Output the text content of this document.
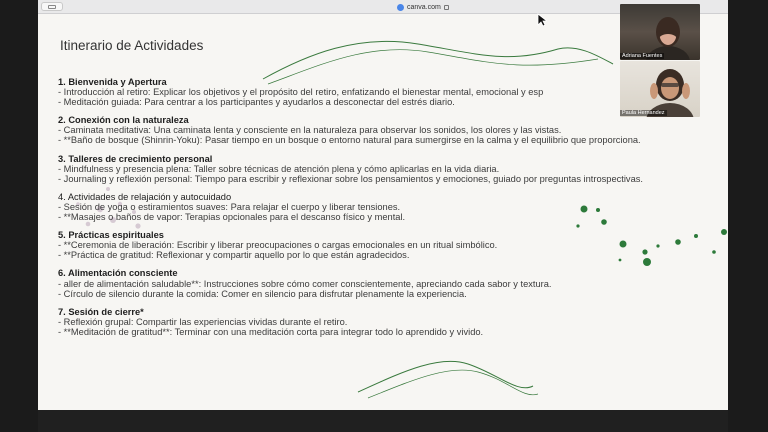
canva.com
Itinerario de Actividades
1. Bienvenida y Apertura
- Introducción al retiro: Explicar los objetivos y el propósito del retiro, enfatizando el bienestar mental, emocional y esp
- Meditación guiada: Para centrar a los participantes y ayudarlos a desconectar del estrés diario.
2. Conexión con la naturaleza
- Caminata meditativa: Una caminata lenta y consciente en la naturaleza para observar los sonidos, los olores y las vistas.
- **Baño de bosque (Shinrin-Yoku): Pasar tiempo en un bosque o entorno natural para sumergirse en la calma y el equilibrio que proporciona.
3. Talleres de crecimiento personal
- Mindfulness y presencia plena: Taller sobre técnicas de atención plena y cómo aplicarlas en la vida diaria.
- Journaling y reflexión personal: Tiempo para escribir y reflexionar sobre los pensamientos y emociones, guiado por preguntas introspectivas.
4. Actividades de relajación y autocuidado
- Sesión de yoga o estiramientos suaves: Para relajar el cuerpo y liberar tensiones.
- **Masajes o baños de vapor: Terapias opcionales para el descanso físico y mental.
5. Prácticas espirituales
- **Ceremonia de liberación: Escribir y liberar preocupaciones o cargas emocionales en un ritual simbólico.
- **Práctica de gratitud: Reflexionar y compartir aquello por lo que están agradecidos.
6. Alimentación consciente
- aller de alimentación saludable**: Instrucciones sobre cómo comer conscientemente, apreciando cada sabor y textura.
- Círculo de silencio durante la comida: Comer en silencio para disfrutar plenamente la experiencia.
7. Sesión de cierre*
- Reflexión grupal: Compartir las experiencias vividas durante el retiro.
- **Meditación de gratitud**: Terminar con una meditación corta para integrar todo lo aprendido y vivido.
Adriana Fuentes
Paula Hernandez
